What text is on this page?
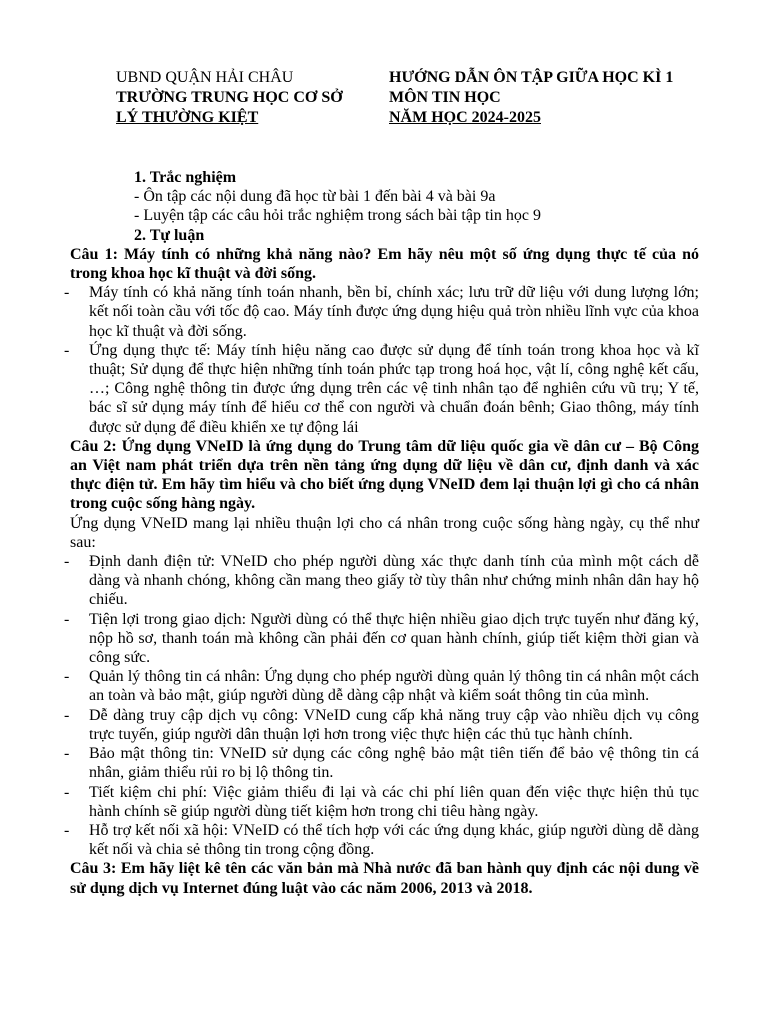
UBND QUẬN HẢI CHÂU
TRƯỜNG TRUNG HỌC CƠ SỞ
LÝ THƯỜNG KIỆT
HƯỚNG DẪN ÔN TẬP GIỮA HỌC KÌ 1
MÔN TIN HỌC
NĂM HỌC 2024-2025
1. Trắc nghiệm
- Ôn tập các nội dung đã học từ bài 1 đến bài 4 và bài 9a
- Luyện tập các câu hỏi trắc nghiệm trong sách bài tập tin học 9
2. Tự luận
Câu 1: Máy tính có những khả năng nào? Em hãy nêu một số ứng dụng thực tế của nó trong khoa học kĩ thuật và đời sống.
- Máy tính có khả năng tính toán nhanh, bền bỉ, chính xác; lưu trữ dữ liệu với dung lượng lớn; kết nối toàn cầu với tốc độ cao. Máy tính được ứng dụng hiệu quả tròn nhiều lĩnh vực của khoa học kĩ thuật và đời sống.
- Ứng dụng thực tế: Máy tính hiệu năng cao được sử dụng để tính toán trong khoa học và kĩ thuật; Sử dụng để thực hiện những tính toán phức tạp trong hoá học, vật lí, công nghệ kết cấu, …; Công nghệ thông tin được ứng dụng trên các vệ tinh nhân tạo để nghiên cứu vũ trụ; Y tế, bác sĩ sử dụng máy tính để hiểu cơ thể con người và chuẩn đoán bênh; Giao thông, máy tính được sử dụng để điều khiển xe tự động lái
Câu 2: Ứng dụng VNeID là ứng dụng do Trung tâm dữ liệu quốc gia về dân cư – Bộ Công an Việt nam phát triển dựa trên nền tảng ứng dụng dữ liệu về dân cư, định danh và xác thực điện tử. Em hãy tìm hiểu và cho biết ứng dụng VNeID đem lại thuận lợi gì cho cá nhân trong cuộc sống hàng ngày.
Ứng dụng VNeID mang lại nhiều thuận lợi cho cá nhân trong cuộc sống hàng ngày, cụ thể như sau:
- Định danh điện tử: VNeID cho phép người dùng xác thực danh tính của mình một cách dễ dàng và nhanh chóng, không cần mang theo giấy tờ tùy thân như chứng minh nhân dân hay hộ chiếu.
- Tiện lợi trong giao dịch: Người dùng có thể thực hiện nhiều giao dịch trực tuyến như đăng ký, nộp hồ sơ, thanh toán mà không cần phải đến cơ quan hành chính, giúp tiết kiệm thời gian và công sức.
- Quản lý thông tin cá nhân: Ứng dụng cho phép người dùng quản lý thông tin cá nhân một cách an toàn và bảo mật, giúp người dùng dễ dàng cập nhật và kiểm soát thông tin của mình.
- Dễ dàng truy cập dịch vụ công: VNeID cung cấp khả năng truy cập vào nhiều dịch vụ công trực tuyến, giúp người dân thuận lợi hơn trong việc thực hiện các thủ tục hành chính.
- Bảo mật thông tin: VNeID sử dụng các công nghệ bảo mật tiên tiến để bảo vệ thông tin cá nhân, giảm thiểu rủi ro bị lộ thông tin.
- Tiết kiệm chi phí: Việc giảm thiểu đi lại và các chi phí liên quan đến việc thực hiện thủ tục hành chính sẽ giúp người dùng tiết kiệm hơn trong chi tiêu hàng ngày.
- Hỗ trợ kết nối xã hội: VNeID có thể tích hợp với các ứng dụng khác, giúp người dùng dễ dàng kết nối và chia sẻ thông tin trong cộng đồng.
Câu 3: Em hãy liệt kê tên các văn bản mà Nhà nước đã ban hành quy định các nội dung về sử dụng dịch vụ Internet đúng luật vào các năm 2006, 2013 và 2018.
